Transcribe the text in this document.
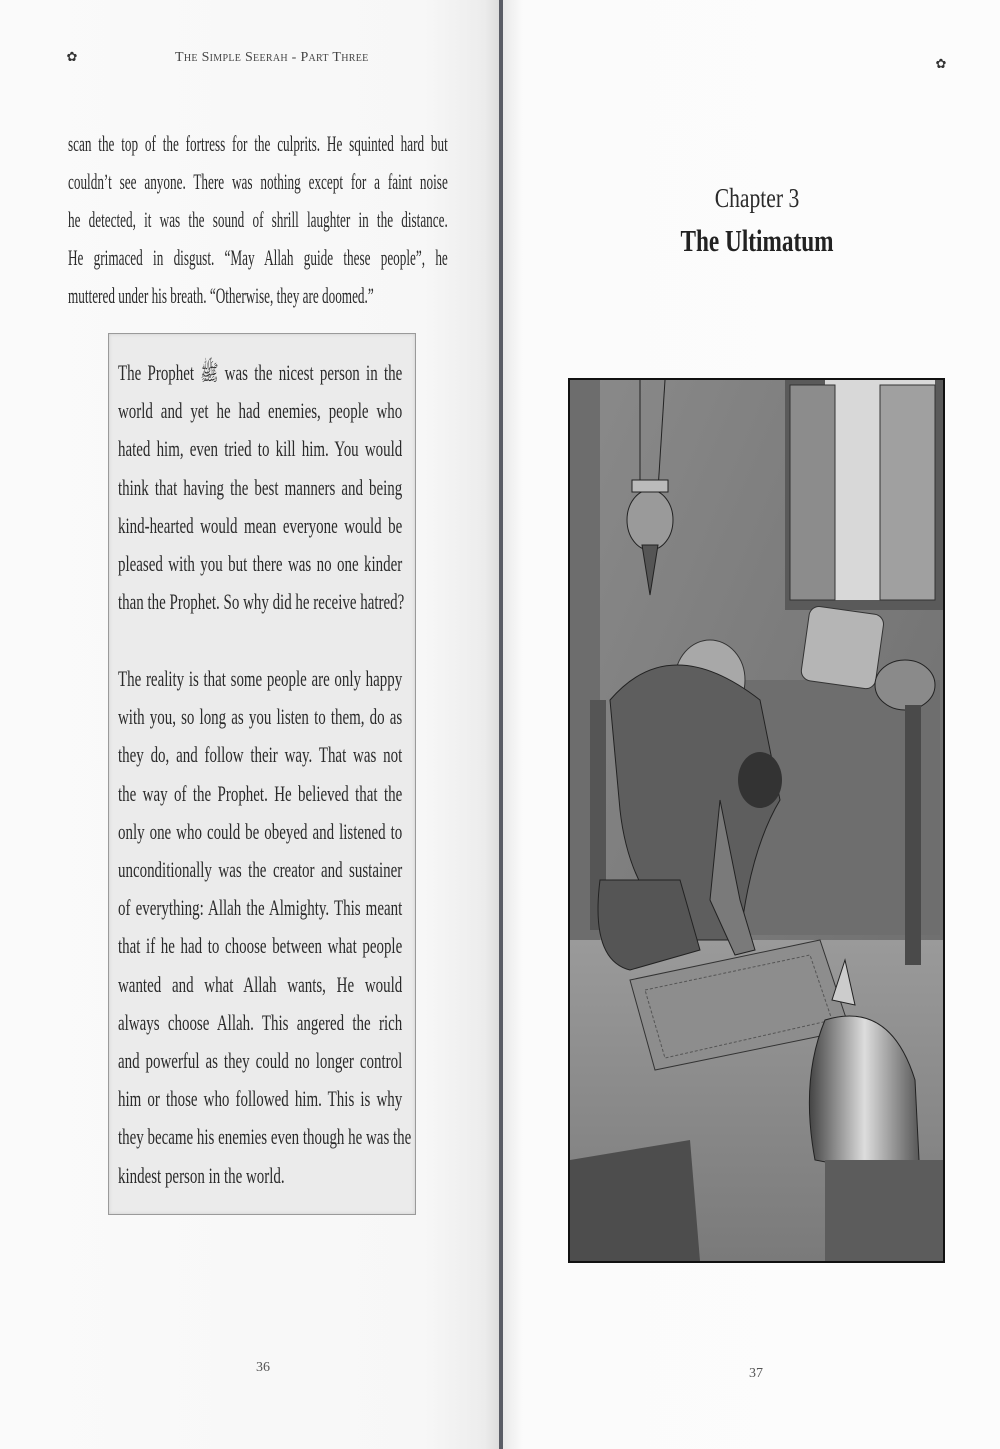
✿	The Simple Seerah - Part Three	✿
scan the top of the fortress for the culprits. He squinted hard but
couldn’t see anyone. There was nothing except for a faint noise
he detected, it was the sound of shrill laughter in the distance.
He grimaced in disgust. “May Allah guide these people”, he
muttered under his breath. “Otherwise, they are doomed.”
The Prophet ﷺ was the nicest person in the
world and yet he had enemies, people who
hated him, even tried to kill him. You would
think that having the best manners and being
kind-hearted would mean everyone would be
pleased with you but there was no one kinder
than the Prophet. So why did he receive hatred?
The reality is that some people are only happy
with you, so long as you listen to them, do as
they do, and follow their way. That was not
the way of the Prophet. He believed that the
only one who could be obeyed and listened to
unconditionally was the creator and sustainer
of everything: Allah the Almighty. This meant
that if he had to choose between what people
wanted and what Allah wants, He would
always choose Allah. This angered the rich
and powerful as they could no longer control
him or those who followed him. This is why
they became his enemies even though he was the
kindest person in the world.
36
Chapter 3
The Ultimatum
37
